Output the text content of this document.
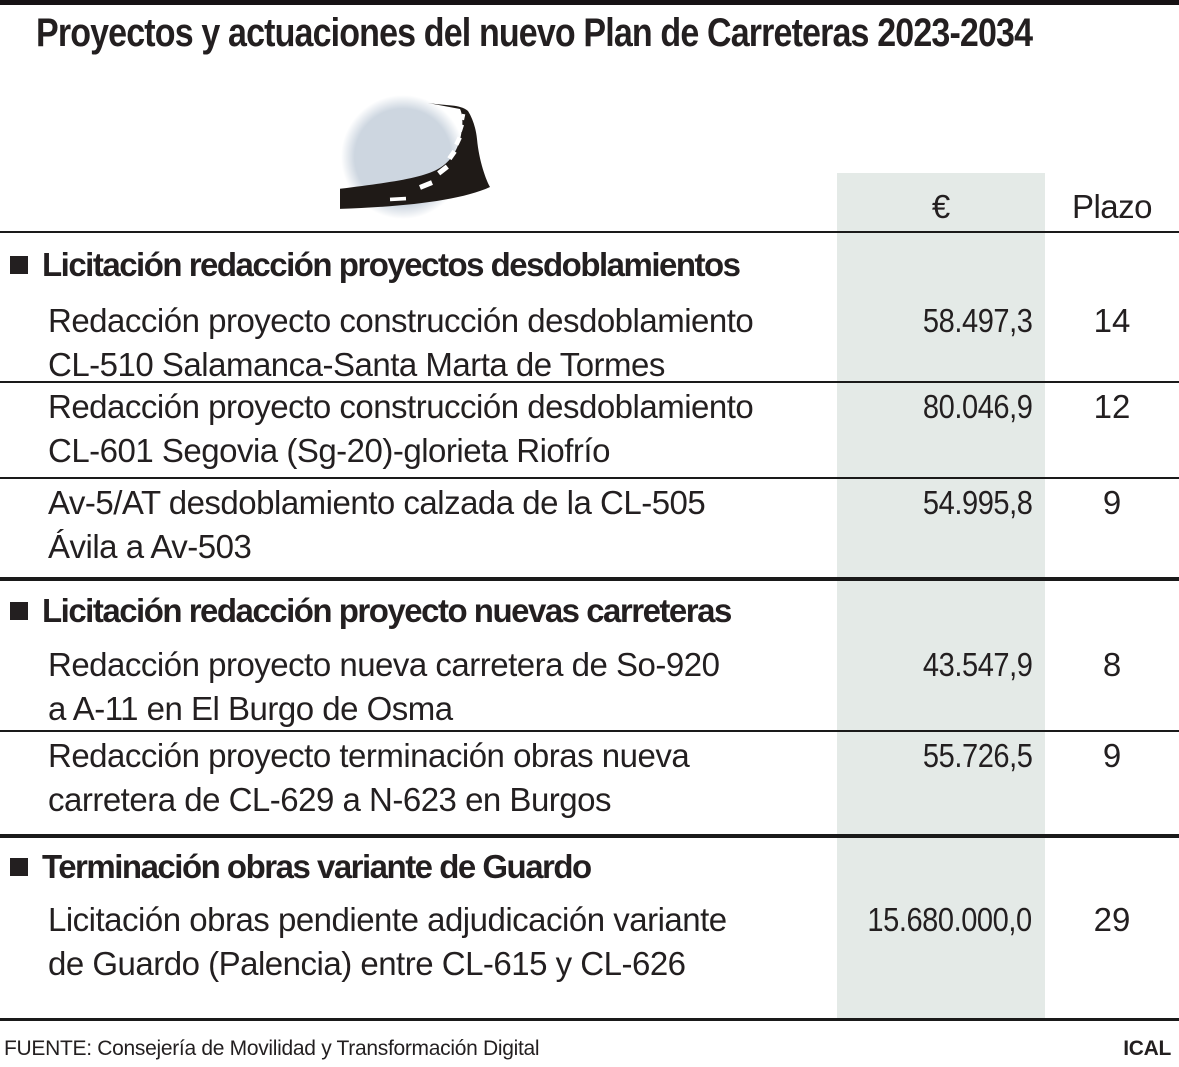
Proyectos y actuaciones del nuevo Plan de Carreteras 2023-2034
€	Plazo
Licitación redacción proyectos desdoblamientos
Redacción proyecto construcción desdoblamiento
CL-510 Salamanca-Santa Marta de Tormes
58.497,3	14
Redacción proyecto construcción desdoblamiento
CL-601 Segovia (Sg-20)-glorieta Riofrío
80.046,9	12
Av-5/AT desdoblamiento calzada de la CL-505
Ávila a Av-503
54.995,8	9
Licitación redacción proyecto nuevas carreteras
Redacción proyecto nueva carretera de So-920
a A-11 en El Burgo de Osma
43.547,9	8
Redacción proyecto terminación obras nueva
carretera de CL-629 a N-623 en Burgos
55.726,5	9
Terminación obras variante de Guardo
Licitación obras pendiente adjudicación variante
de Guardo (Palencia) entre CL-615 y CL-626
15.680.000,0	29
FUENTE: Consejería de Movilidad y Transformación Digital	ICAL
